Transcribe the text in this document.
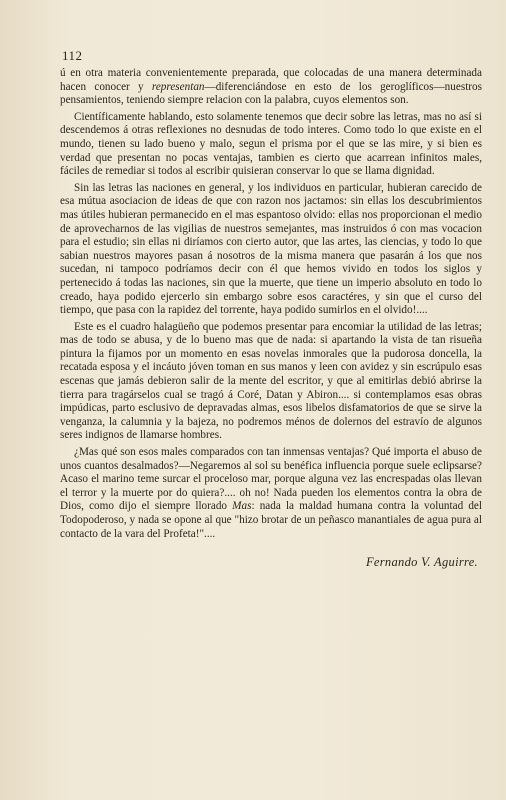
112

ú en otra materia convenientemente preparada, que colocadas de una manera determinada hacen conocer y representan—diferenciándose en esto de los geroglíficos—nuestros pensamientos, teniendo siempre relacion con la palabra, cuyos elementos son.

Científicamente hablando, esto solamente tenemos que decir sobre las letras, mas no así si descendemos á otras reflexiones no desnudas de todo interes. Como todo lo que existe en el mundo, tienen su lado bueno y malo, segun el prisma por el que se las mire, y si bien es verdad que presentan no pocas ventajas, tambien es cierto que acarrean infinitos males, fáciles de remediar si todos al escribir quisieran conservar lo que se llama dignidad.

Sin las letras las naciones en general, y los individuos en particular, hubieran carecido de esa mútua asociacion de ideas de que con razon nos jactamos: sin ellas los descubrimientos mas útiles hubieran permanecido en el mas espantoso olvido: ellas nos proporcionan el medio de aprovecharnos de las vigilias de nuestros semejantes, mas instruidos ó con mas vocacion para el estudio; sin ellas ni diríamos con cierto autor, que las artes, las ciencias, y todo lo que sabian nuestros mayores pasan á nosotros de la misma manera que pasarán á los que nos sucedan, ni tampoco podríamos decir con él que hemos vivido en todos los siglos y pertenecido á todas las naciones, sin que la muerte, que tiene un imperio absoluto en todo lo creado, haya podido ejercerlo sin embargo sobre esos caractéres, y sin que el curso del tiempo, que pasa con la rapidez del torrente, haya podido sumirlos en el olvido!....

Este es el cuadro halagüeño que podemos presentar para encomiar la utilidad de las letras; mas de todo se abusa, y de lo bueno mas que de nada: si apartando la vista de tan risueña pintura la fijamos por un momento en esas novelas inmorales que la pudorosa doncella, la recatada esposa y el incáuto jóven toman en sus manos y leen con avidez y sin escrúpulo esas escenas que jamás debieron salir de la mente del escritor, y que al emitirlas debió abrirse la tierra para tragárselos cual se tragó á Coré, Datan y Abiron.... si contemplamos esas obras impúdicas, parto esclusivo de depravadas almas, esos libelos disfamatorios de que se sirve la venganza, la calumnia y la bajeza, no podremos ménos de dolernos del estravío de algunos seres indignos de llamarse hombres.

¿Mas qué son esos males comparados con tan inmensas ventajas? Qué importa el abuso de unos cuantos desalmados?—Negaremos al sol su benéfica influencia porque suele eclipsarse? Acaso el marino teme surcar el proceloso mar, porque alguna vez las encrespadas olas llevan el terror y la muerte por do quiera?.... oh no! Nada pueden los elementos contra la obra de Dios, como dijo el siempre llorado Mas: nada la maldad humana contra la voluntad del Todopoderoso, y nada se opone al que "hizo brotar de un peñasco manantiales de agua pura al contacto de la vara del Profeta!"....

Fernando V. Aguirre.
